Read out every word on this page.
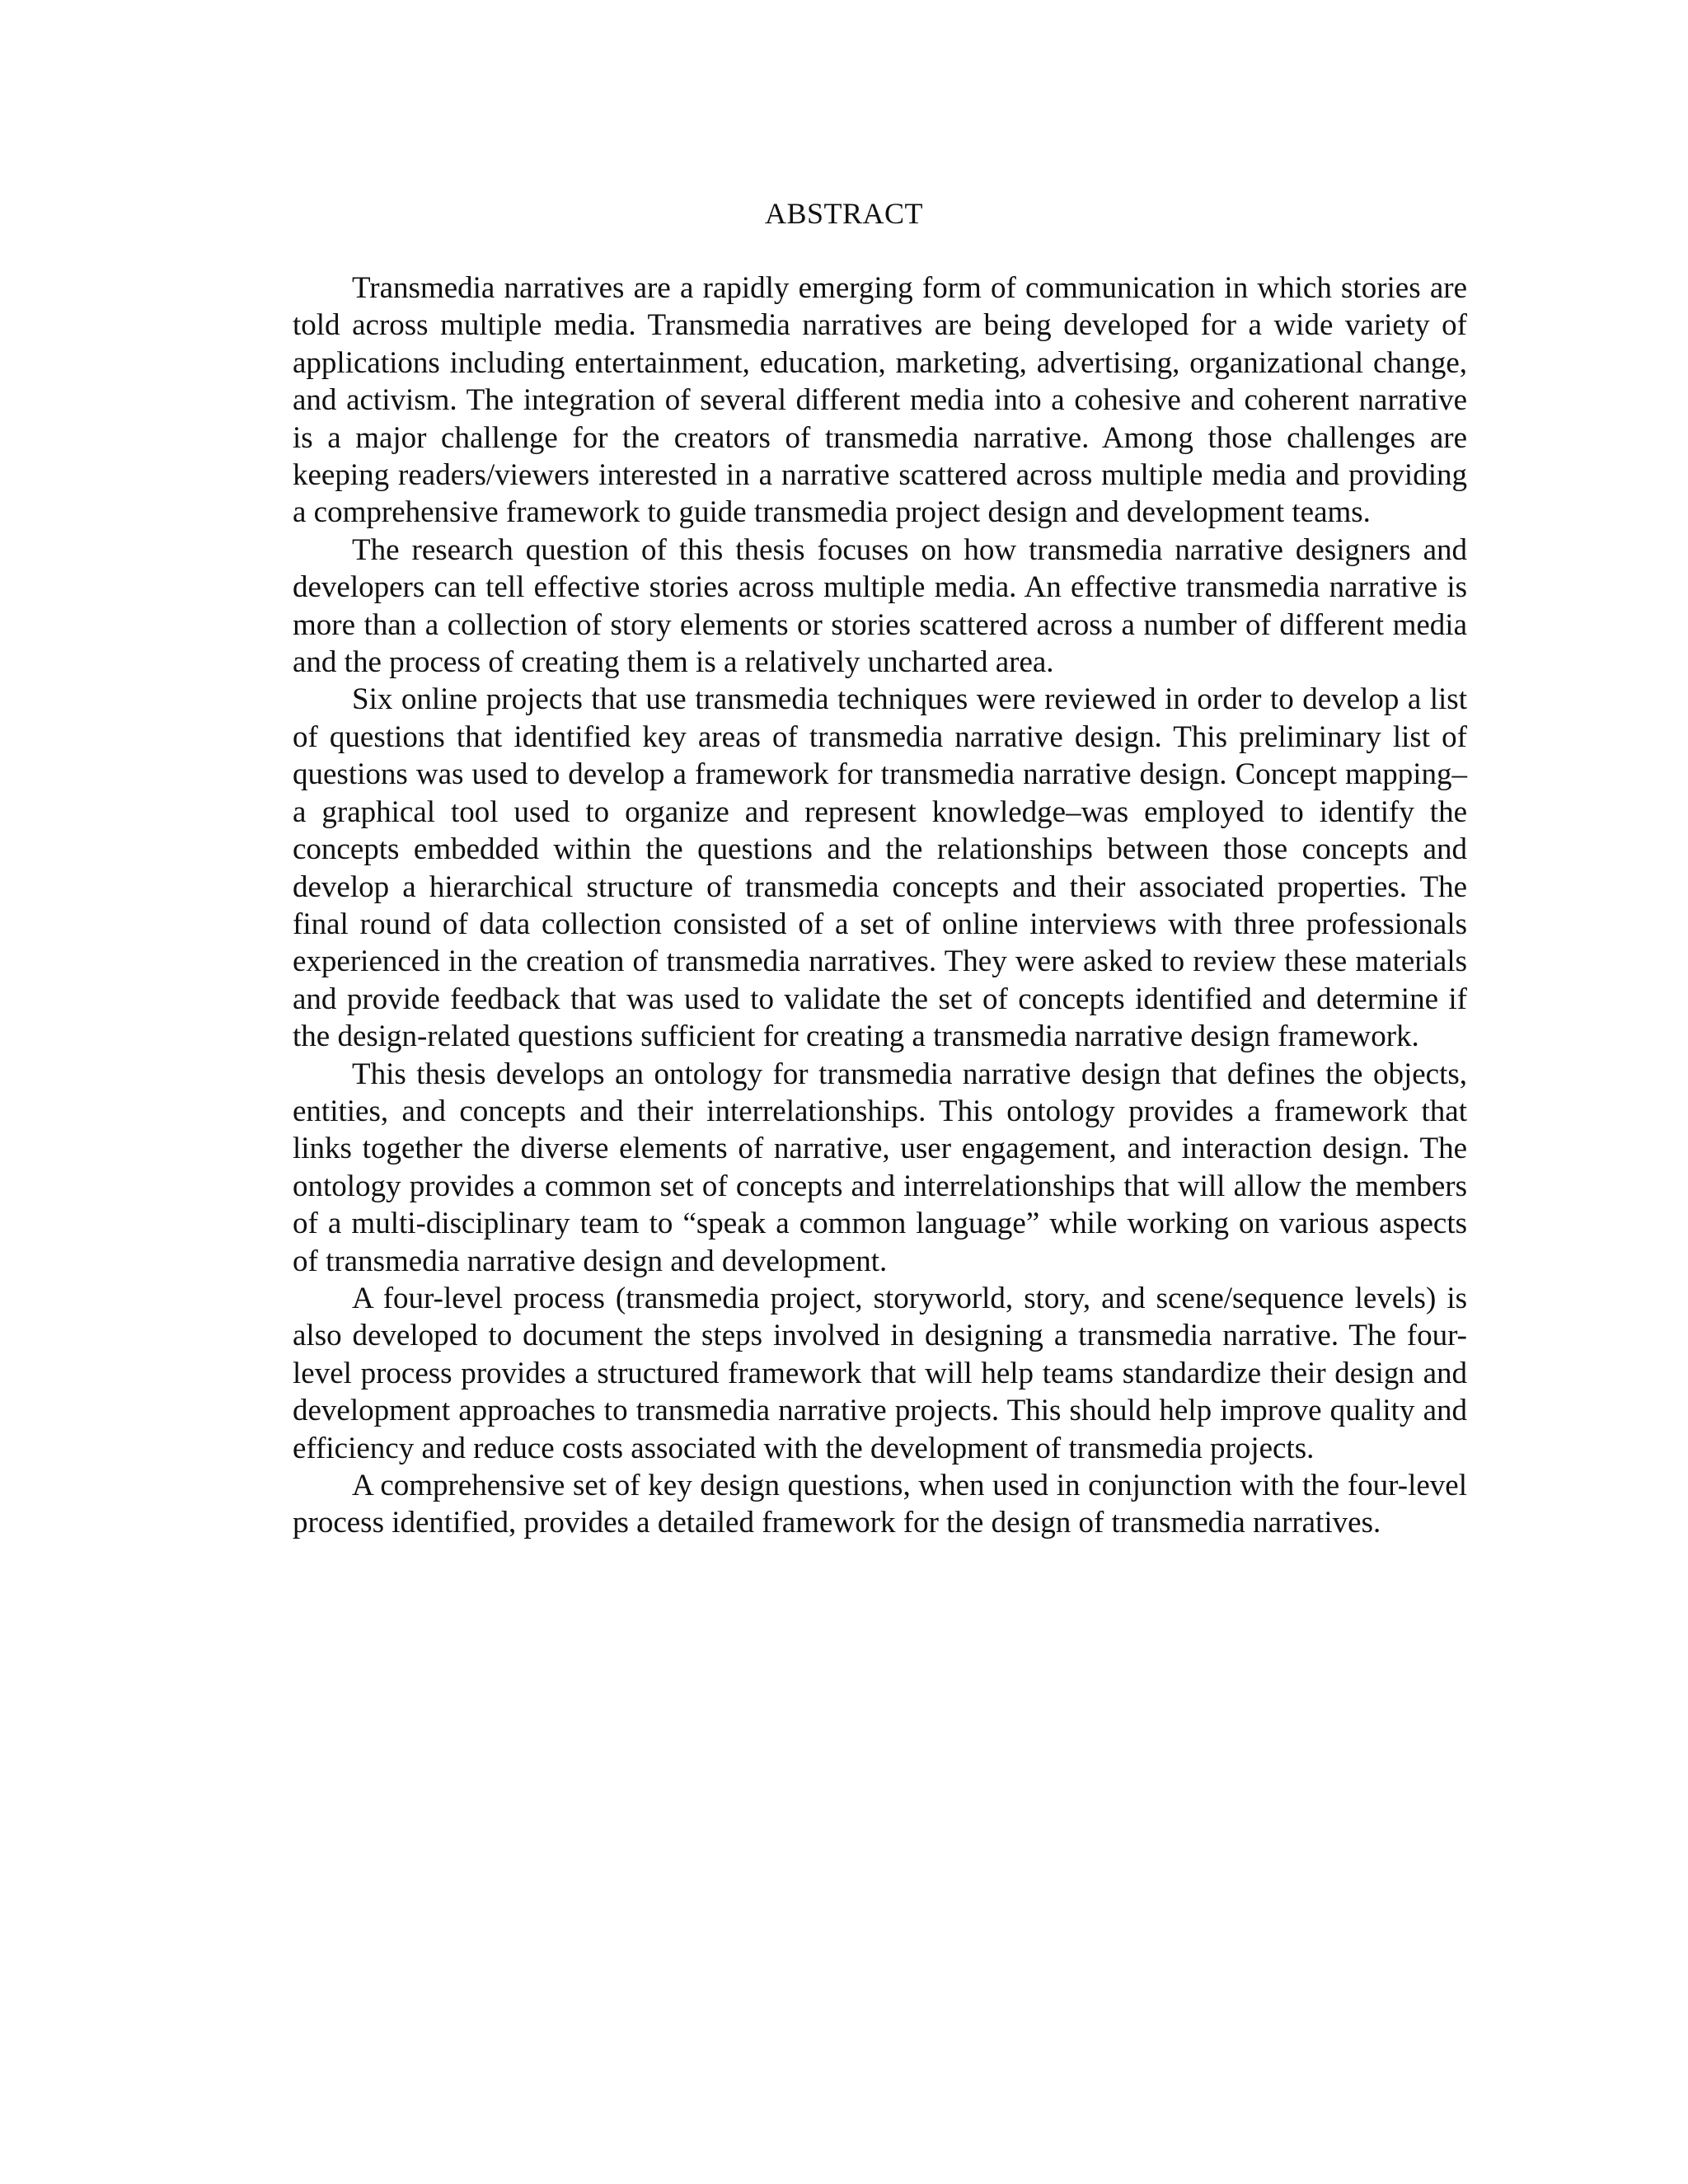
ABSTRACT

Transmedia narratives are a rapidly emerging form of communication in which stories are told across multiple media. Transmedia narratives are being developed for a wide variety of applications including entertainment, education, marketing, advertising, organizational change, and activism. The integration of several different media into a cohesive and coherent narrative is a major challenge for the creators of transmedia narrative. Among those challenges are keeping readers/viewers interested in a narrative scattered across multiple media and providing a comprehensive framework to guide transmedia project design and development teams.

The research question of this thesis focuses on how transmedia narrative designers and developers can tell effective stories across multiple media. An effective transmedia narrative is more than a collection of story elements or stories scattered across a number of different media and the process of creating them is a relatively uncharted area.

Six online projects that use transmedia techniques were reviewed in order to develop a list of questions that identified key areas of transmedia narrative design. This preliminary list of questions was used to develop a framework for transmedia narrative design. Concept mapping–a graphical tool used to organize and represent knowledge–was employed to identify the concepts embedded within the questions and the relationships between those concepts and develop a hierarchical structure of transmedia concepts and their associated properties. The final round of data collection consisted of a set of online interviews with three professionals experienced in the creation of transmedia narratives. They were asked to review these materials and provide feedback that was used to validate the set of concepts identified and determine if the design-related questions sufficient for creating a transmedia narrative design framework.

This thesis develops an ontology for transmedia narrative design that defines the objects, entities, and concepts and their interrelationships. This ontology provides a framework that links together the diverse elements of narrative, user engagement, and interaction design. The ontology provides a common set of concepts and interrelationships that will allow the members of a multi-disciplinary team to “speak a common language” while working on various aspects of transmedia narrative design and development.

A four-level process (transmedia project, storyworld, story, and scene/sequence levels) is also developed to document the steps involved in designing a transmedia narrative. The four-level process provides a structured framework that will help teams standardize their design and development approaches to transmedia narrative projects. This should help improve quality and efficiency and reduce costs associated with the development of transmedia projects.

A comprehensive set of key design questions, when used in conjunction with the four-level process identified, provides a detailed framework for the design of transmedia narratives.
